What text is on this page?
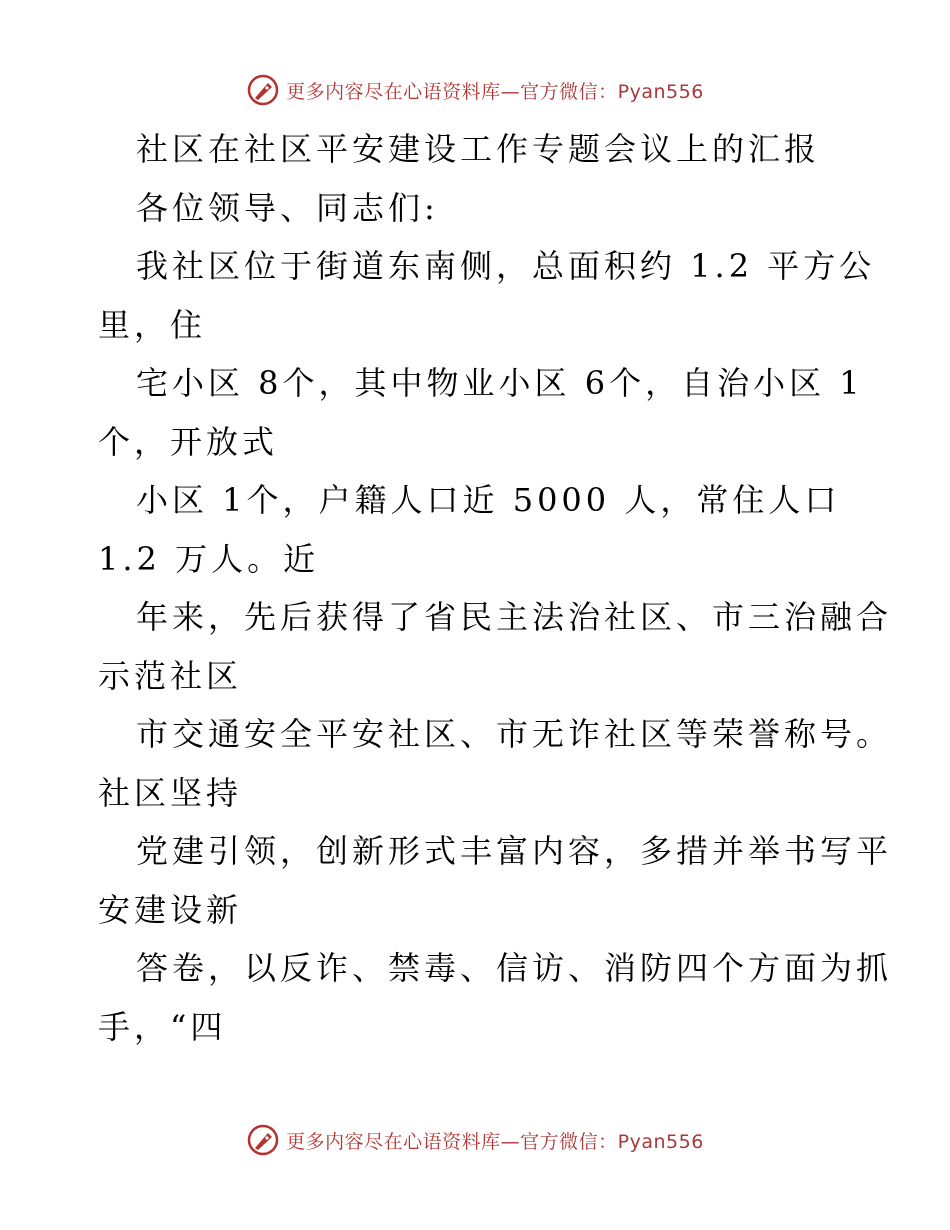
更多内容尽在心语资料库—官方微信：Pyan556
社区在社区平安建设工作专题会议上的汇报
各位领导、同志们:
我社区位于街道东南侧，总面积约 1.2 平方公
里，住
宅小区 8个，其中物业小区 6个，自治小区 1
个，开放式
小区 1个，户籍人口近 5000 人，常住人口
1.2 万人。近
年来，先后获得了省民主法治社区、市三治融合
示范社区
市交通安全平安社区、市无诈社区等荣誉称号。
社区坚持
党建引领，创新形式丰富内容，多措并举书写平
安建设新
答卷，以反诈、禁毒、信访、消防四个方面为抓
手，“四
更多内容尽在心语资料库—官方微信：Pyan556
